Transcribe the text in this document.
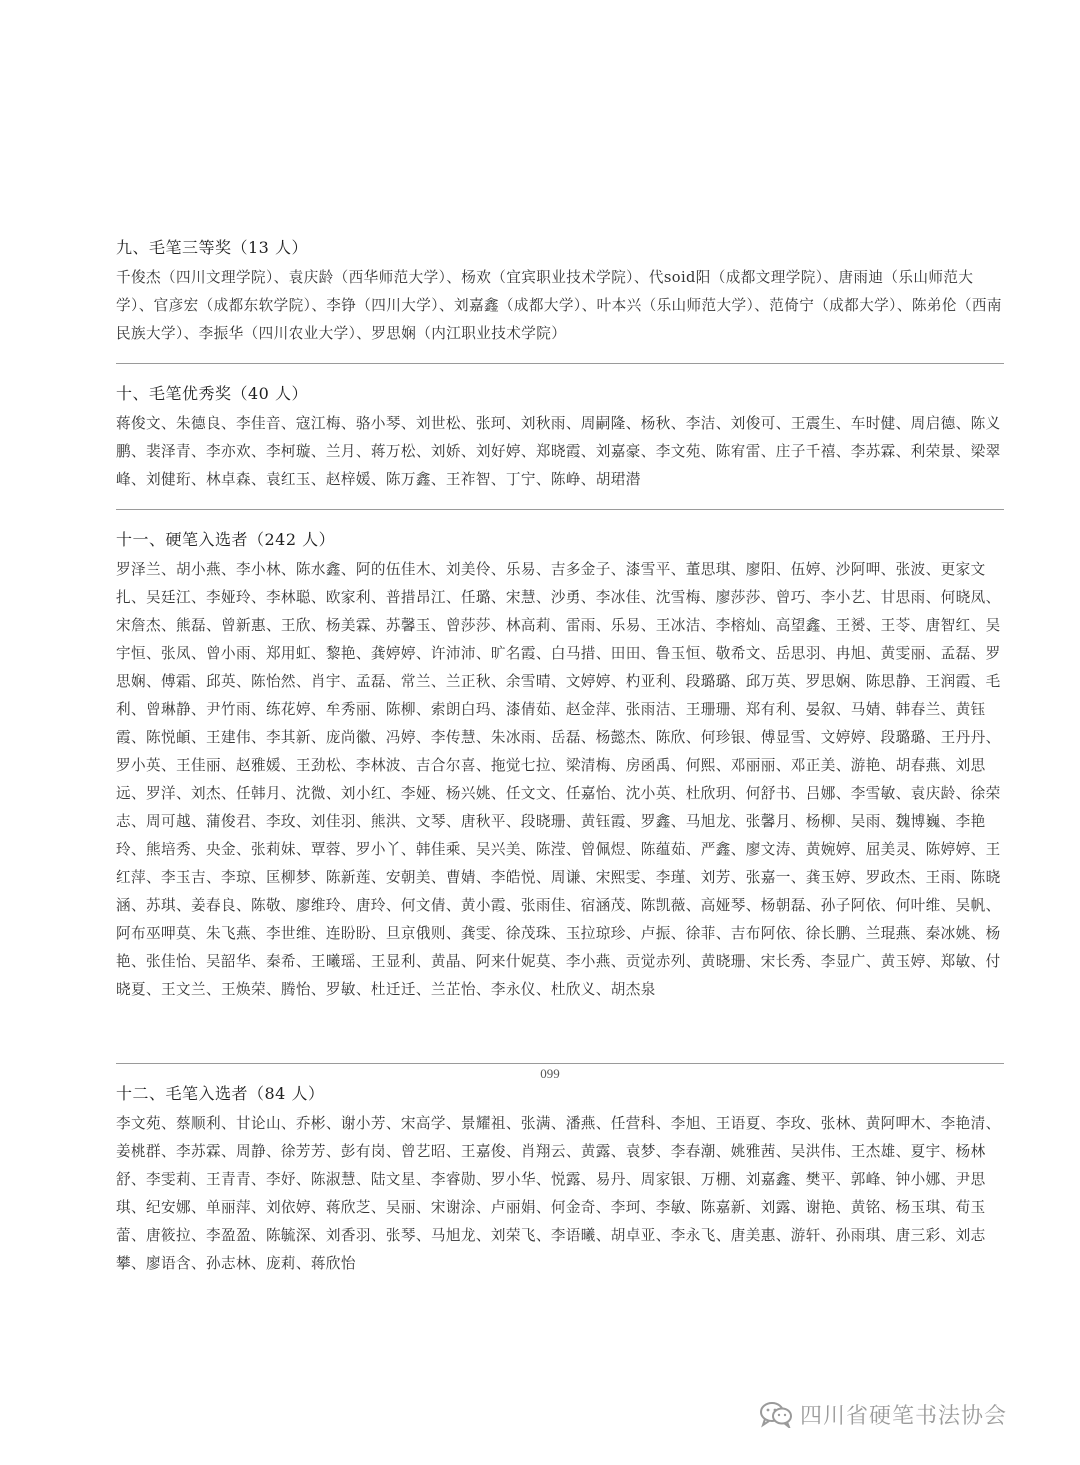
九、毛笔三等奖（13 人）

千俊杰（四川文理学院）、袁庆龄（西华师范大学）、杨欢（宜宾职业技术学院）、代soid阳（成都文理学院）、唐雨迪（乐山师范大学）、官彦宏（成都东软学院）、李铮（四川大学）、刘嘉鑫（成都大学）、叶本兴（乐山师范大学）、范倚宁（成都大学）、陈弟伦（西南民族大学）、李振华（四川农业大学）、罗思娴（内江职业技术学院）

十、毛笔优秀奖（40 人）

蒋俊文、朱德良、李佳音、寇江梅、骆小琴、刘世松、张珂、刘秋雨、周嗣隆、杨秋、李洁、刘俊可、王震生、车时健、周启德、陈义鹏、裴泽青、李亦欢、李柯璇、兰月、蒋万松、刘娇、刘好婷、郑晓霞、刘嘉豪、李文苑、陈宥雷、庄子千禧、李苏霖、利荣景、梁翠峰、刘健珩、林卓森、袁红玉、赵梓媛、陈万鑫、王祚智、丁宁、陈峥、胡珺潜

十一、硬笔入选者（242 人）

罗泽兰、胡小燕、李小林、陈水鑫、阿的伍佳木、刘美伶、乐易、吉多金子、漆雪平、董思琪、廖阳、伍婷、沙阿呷、张波、更家文扎、吴廷江、李娅玲、李林聪、欧家利、普措昂江、任璐、宋慧、沙勇、李冰佳、沈雪梅、廖莎莎、曾巧、李小艺、甘思雨、何晓凤、宋詹杰、熊磊、曾新惠、王欣、杨美霖、苏馨玉、曾莎莎、林高莉、雷雨、乐易、王冰洁、李榕灿、高望鑫、王赟、王苓、唐智红、吴宇恒、张凤、曾小雨、郑用虹、黎艳、龚婷婷、许沛沛、旷名霞、白马措、田田、鲁玉恒、敬希文、岳思羽、冉旭、黄雯丽、孟磊、罗思娴、傅霜、邱英、陈怡然、肖宇、孟磊、常兰、兰正秋、余雪晴、文婷婷、杓亚利、段璐璐、邱万英、罗思娴、陈思静、王润霞、毛利、曾琳静、尹竹雨、练花婷、牟秀丽、陈柳、索朗白玛、漆倩茹、赵金萍、张雨洁、王珊珊、郑有利、晏叙、马婧、韩春兰、黄钰霞、陈悦頔、王建伟、李其新、庞尚徽、冯婷、李传慧、朱冰雨、岳磊、杨懿杰、陈欣、何珍银、傅显雪、文婷婷、段璐璐、王丹丹、罗小英、王佳丽、赵雅媛、王劲松、李林波、吉合尔喜、拖觉七拉、梁清梅、房函禹、何熙、邓丽丽、邓正美、游艳、胡春燕、刘思远、罗洋、刘杰、任韩月、沈微、刘小红、李娅、杨兴姚、任文文、任嘉怡、沈小英、杜欣玥、何舒书、吕娜、李雪敏、袁庆龄、徐荣志、周可越、蒲俊君、李玫、刘佳羽、熊洪、文琴、唐秋平、段晓珊、黄钰霞、罗鑫、马旭龙、张馨月、杨柳、吴雨、魏博巍、李艳玲、熊培秀、央金、张莉妹、覃蓉、罗小丫、韩佳乘、吴兴美、陈滢、曾佩煜、陈蕴茹、严鑫、廖文涛、黄婉婷、屈美灵、陈婷婷、王红萍、李玉吉、李琼、匡柳梦、陈新莲、安朝美、曹婧、李皓悦、周谦、宋熙雯、李瑾、刘芳、张嘉一、龚玉婷、罗政杰、王雨、陈晓涵、苏琪、姜春良、陈敬、廖维玲、唐玲、何文倩、黄小霞、张雨佳、宿涵茂、陈凯薇、高娅琴、杨朝磊、孙子阿依、何叶维、吴帆、阿布巫呷莫、朱飞燕、李世维、连盼盼、旦京俄则、龚雯、徐茂珠、玉拉琼珍、卢振、徐菲、吉布阿依、徐长鹏、兰琨燕、秦冰姚、杨艳、张佳怡、吴韶华、秦希、王曦瑶、王显利、黄晶、阿来什妮莫、李小燕、贡觉赤列、黄晓珊、宋长秀、李显广、黄玉婷、郑敏、付晓夏、王文兰、王焕荣、腾怡、罗敏、杜迁迁、兰芷怡、李永仪、杜欣义、胡杰泉

十二、毛笔入选者（84 人）

李文苑、蔡顺利、甘论山、乔彬、谢小芳、宋高学、景耀祖、张满、潘燕、任营科、李旭、王语夏、李玫、张林、黄阿呷木、李艳清、姜桃群、李苏霖、周静、徐芳芳、彭有岗、曾艺昭、王嘉俊、肖翔云、黄露、袁梦、李春潮、姚雅茜、吴洪伟、王杰雄、夏宇、杨林舒、李雯莉、王青青、李妤、陈淑慧、陆文星、李睿勋、罗小华、悦露、易丹、周家银、万棚、刘嘉鑫、樊平、郭峰、钟小娜、尹思琪、纪安娜、单丽萍、刘依婷、蒋欣芝、吴丽、宋谢涂、卢丽娟、何金奇、李珂、李敏、陈嘉新、刘露、谢艳、黄铭、杨玉琪、荀玉蕾、唐筱拉、李盈盈、陈毓深、刘香羽、张琴、马旭龙、刘荣飞、李语曦、胡卓亚、李永飞、唐美惠、游轩、孙雨琪、唐三彩、刘志攀、廖语含、孙志林、庞莉、蒋欣怡

099
四川省硬笔书法协会
